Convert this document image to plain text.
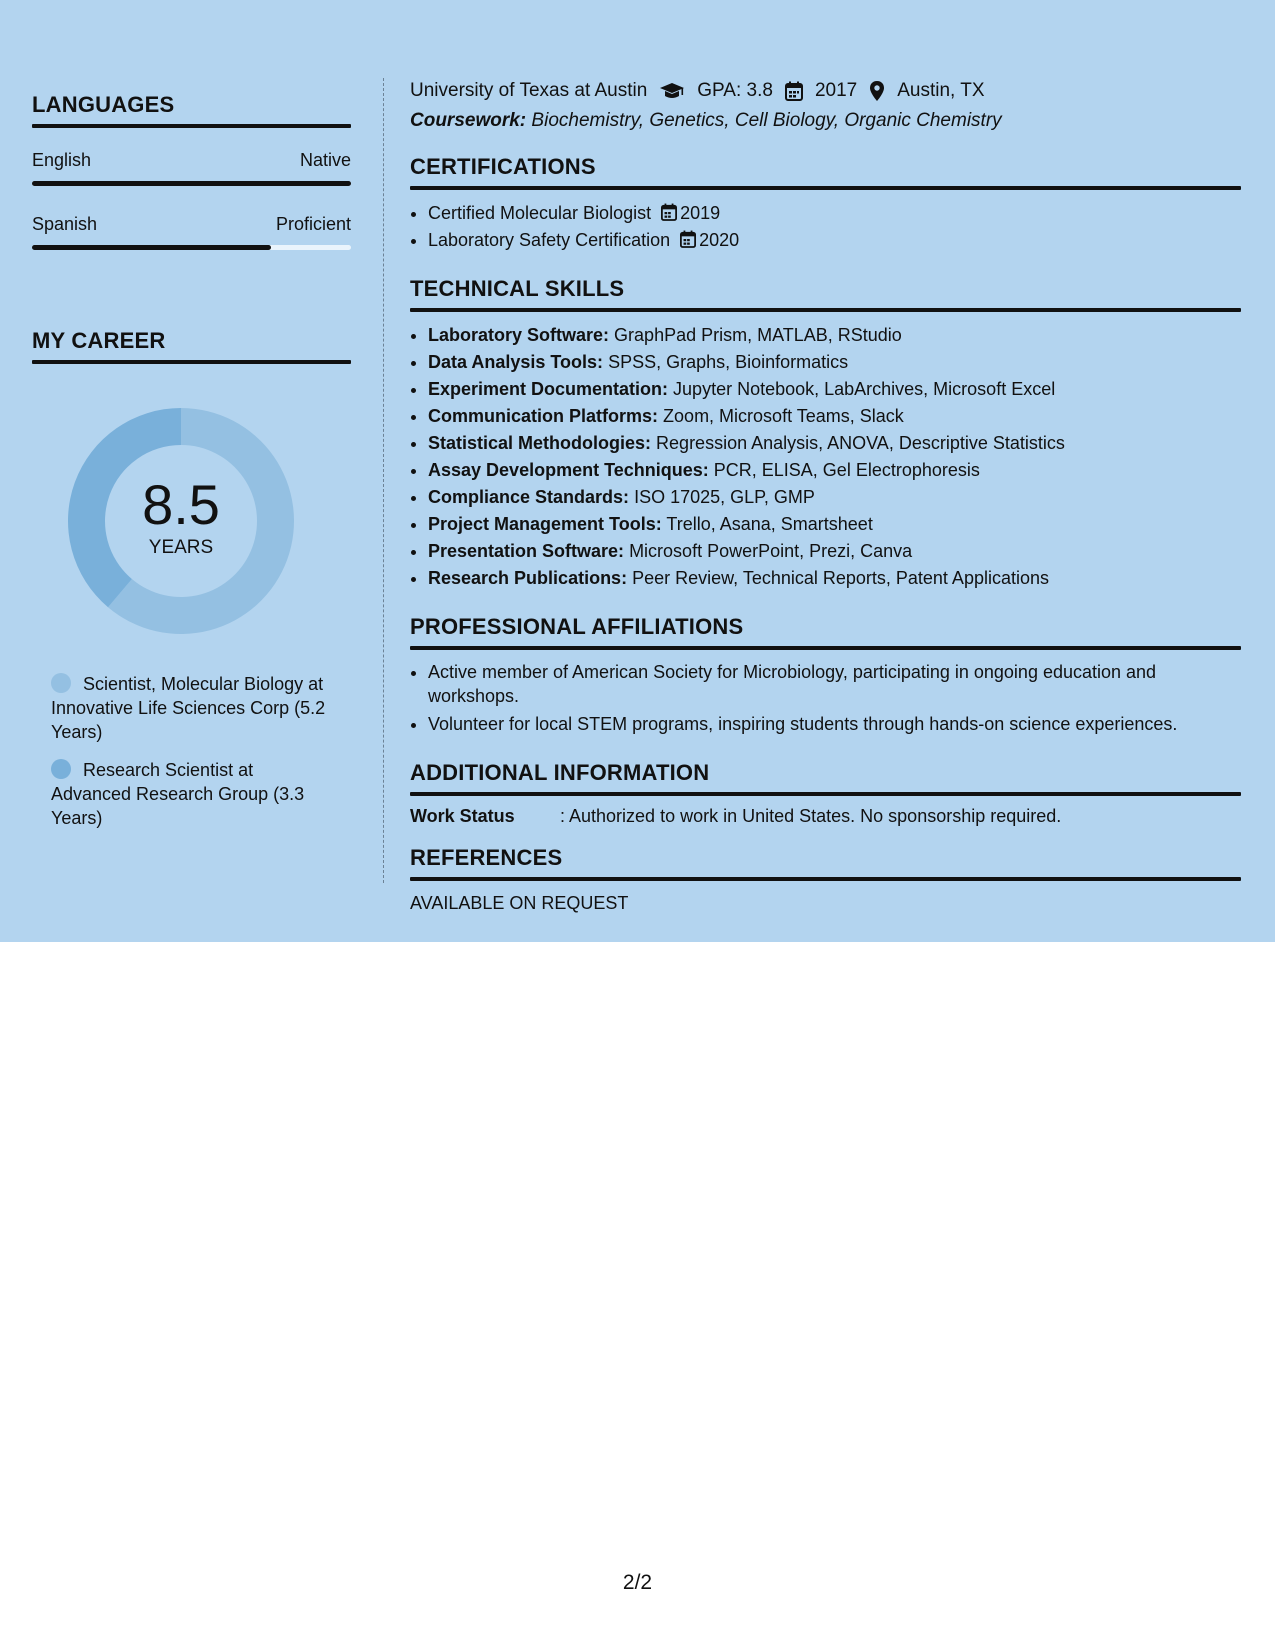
LANGUAGES
English	Native
Spanish	Proficient
MY CAREER
8.5
YEARS
Scientist, Molecular Biology at Innovative Life Sciences Corp (5.2 Years)
Research Scientist at Advanced Research Group (3.3 Years)
University of Texas at Austin	GPA: 3.8 2017 Austin, TX
Coursework: Biochemistry, Genetics, Cell Biology, Organic Chemistry
CERTIFICATIONS
• Certified Molecular Biologist 2019
• Laboratory Safety Certification 2020
TECHNICAL SKILLS
• Laboratory Software: GraphPad Prism, MATLAB, RStudio
• Data Analysis Tools: SPSS, Graphs, Bioinformatics
• Experiment Documentation: Jupyter Notebook, LabArchives, Microsoft Excel
• Communication Platforms: Zoom, Microsoft Teams, Slack
• Statistical Methodologies: Regression Analysis, ANOVA, Descriptive Statistics
• Assay Development Techniques: PCR, ELISA, Gel Electrophoresis
• Compliance Standards: ISO 17025, GLP, GMP
• Project Management Tools: Trello, Asana, Smartsheet
• Presentation Software: Microsoft PowerPoint, Prezi, Canva
• Research Publications: Peer Review, Technical Reports, Patent Applications
PROFESSIONAL AFFILIATIONS
• Active member of American Society for Microbiology, participating in ongoing education and workshops.
• Volunteer for local STEM programs, inspiring students through hands-on science experiences.
ADDITIONAL INFORMATION
Work Status	: Authorized to work in United States. No sponsorship required.
REFERENCES
AVAILABLE ON REQUEST
2/2
